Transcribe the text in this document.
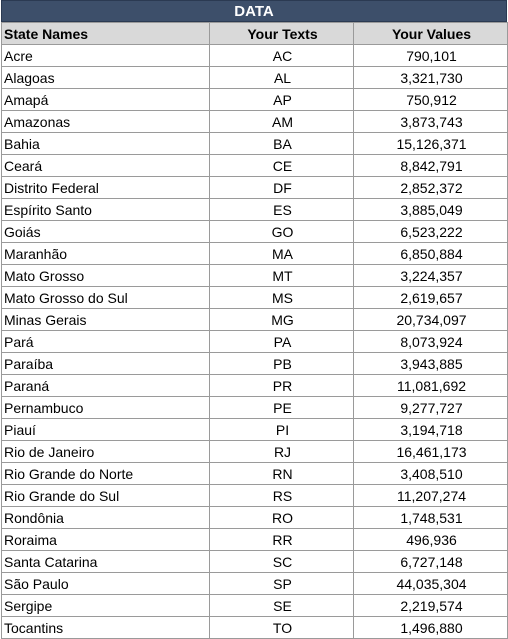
DATA
State Names	Your Texts	Your Values
Acre	AC	790,101
Alagoas	AL	3,321,730
Amapá	AP	750,912
Amazonas	AM	3,873,743
Bahia	BA	15,126,371
Ceará	CE	8,842,791
Distrito Federal	DF	2,852,372
Espírito Santo	ES	3,885,049
Goiás	GO	6,523,222
Maranhão	MA	6,850,884
Mato Grosso	MT	3,224,357
Mato Grosso do Sul	MS	2,619,657
Minas Gerais	MG	20,734,097
Pará	PA	8,073,924
Paraíba	PB	3,943,885
Paraná	PR	11,081,692
Pernambuco	PE	9,277,727
Piauí	PI	3,194,718
Rio de Janeiro	RJ	16,461,173
Rio Grande do Norte	RN	3,408,510
Rio Grande do Sul	RS	11,207,274
Rondônia	RO	1,748,531
Roraima	RR	496,936
Santa Catarina	SC	6,727,148
São Paulo	SP	44,035,304
Sergipe	SE	2,219,574
Tocantins	TO	1,496,880
